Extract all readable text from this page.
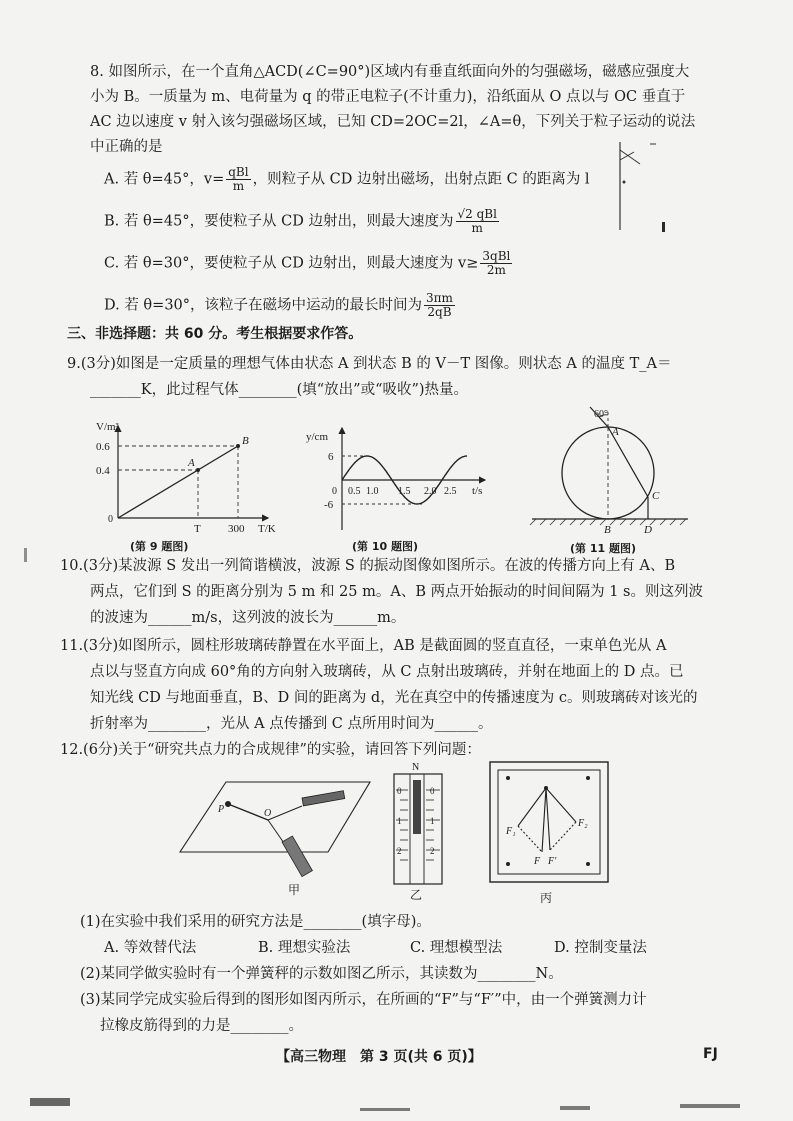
8. 如图所示，在一个直角△ACD(∠C=90°)区域内有垂直纸面向外的匀强磁场，磁感应强度大
小为 B。一质量为 m、电荷量为 q 的带正电粒子(不计重力)，沿纸面从 O 点以与 OC 垂直于
AC 边以速度 v 射入该匀强磁场区域，已知 CD=2OC=2l，∠A=θ，下列关于粒子运动的说法
中正确的是
A. 若 θ=45°，$v= \frac{\text{qBl}}{m}$ ，则粒子从 CD 边射出磁场，出射点距 C 的距离为 l
B. 若 θ=45°，要使粒子从 CD 边射出，则最大速度为 $\frac{\text{√2 qBl}}{m}$
C. 若 θ=30°，要使粒子从 CD 边射出，则最大速度为 $v\ge \frac{\text{3qBl}}{2m}$
D. 若 θ=30°，该粒子在磁场中运动的最长时间为 $\frac{3\pi m}{2qB}$
三、非选择题：共 60 分。考生根据要求作答。
9.(3分)如图是一定质量的理想气体由状态 A 到状态 B 的 V－T 图像。则状态 A 的温度 T_A＝
_______K，此过程气体________(填“放出”或“吸收”)热量。
V/m³
T/K
0.6
0.4
T 300
0
A
B
(第 9 题图)
y/cm
t/s
6
-6
0 0.5 1.0 1.5 2.0 2.5
(第 10 题图)
60°
A
B
C
D
(第 11 题图)
10.(3分)某波源 S 发出一列简谐横波，波源 S 的振动图像如图所示。在波的传播方向上有 A、B
两点，它们到 S 的距离分别为 5 m 和 25 m。A、B 两点开始振动的时间间隔为 1 s。则这列波
的波速为______m/s，这列波的波长为______m。
11.(3分)如图所示，圆柱形玻璃砖静置在水平面上，AB 是截面圆的竖直直径，一束单色光从 A
点以与竖直方向成 60°角的方向射入玻璃砖，从 C 点射出玻璃砖，并射在地面上的 D 点。已
知光线 CD 与地面垂直，B、D 间的距离为 d，光在真空中的传播速度为 c。则玻璃砖对该光的
折射率为________，光从 A 点传播到 C 点所用时间为______。
12.(6分)关于“研究共点力的合成规律”的实验，请回答下列问题：
P	O
甲
N
0	0
1	1
2	2
乙
F₁
F₂
F F′
丙
(1)在实验中我们采用的研究方法是________(填字母)。
A. 等效替代法	B. 理想实验法	C. 理想模型法	D. 控制变量法
(2)某同学做实验时有一个弹簧秤的示数如图乙所示，其读数为________N。
(3)某同学完成实验后得到的图形如图丙所示，在所画的“F”与“F′”中，由一个弹簧测力计
拉橡皮筋得到的力是________。
【高三物理　第 3 页(共 6 页)】	FJ
